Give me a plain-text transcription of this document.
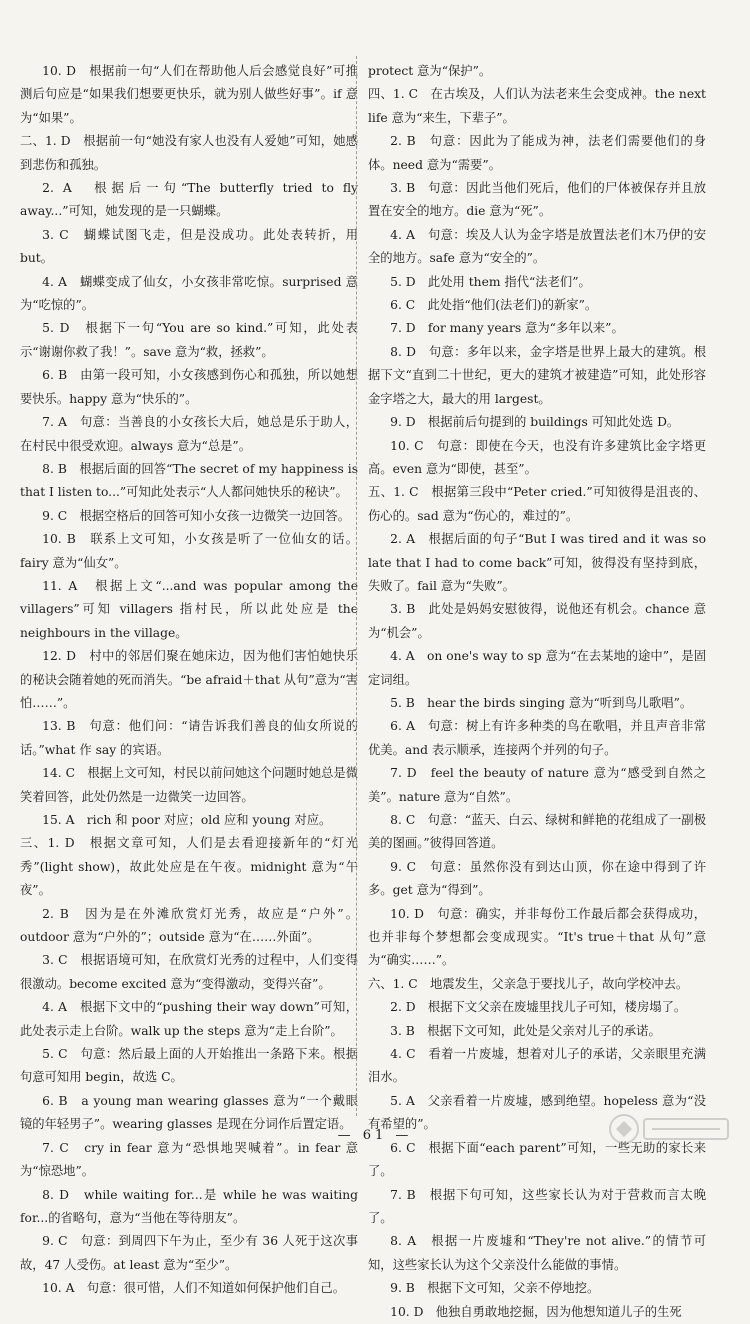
10. D　根据前一句“人们在帮助他人后会感觉良好”可推测后句应是“如果我们想要更快乐，就为别人做些好事”。if 意为“如果”。

二、1. D　根据前一句“她没有家人也没有人爱她”可知，她感到悲伤和孤独。

2. A　根据后一句“The butterfly tried to fly away...”可知，她发现的是一只蝴蝶。

3. C　蝴蝶试图飞走，但是没成功。此处表转折，用 but。

4. A　蝴蝶变成了仙女，小女孩非常吃惊。surprised 意为“吃惊的”。

5. D　根据下一句“You are so kind.”可知，此处表示“谢谢你救了我！”。save 意为“救，拯救”。

6. B　由第一段可知，小女孩感到伤心和孤独，所以她想要快乐。happy 意为“快乐的”。

7. A　句意：当善良的小女孩长大后，她总是乐于助人，在村民中很受欢迎。always 意为“总是”。

8. B　根据后面的回答“The secret of my happiness is that I listen to...”可知此处表示“人人都问她快乐的秘诀”。

9. C　根据空格后的回答可知小女孩一边微笑一边回答。

10. B　联系上文可知，小女孩是听了一位仙女的话。fairy 意为“仙女”。

11. A　根据上文“...and was popular among the villagers”可知 villagers 指村民，所以此处应是 the neighbours in the village。

12. D　村中的邻居们聚在她床边，因为他们害怕她快乐的秘诀会随着她的死而消失。“be afraid＋that 从句”意为“害怕……”。

13. B　句意：他们问：“请告诉我们善良的仙女所说的话。”what 作 say 的宾语。

14. C　根据上文可知，村民以前问她这个问题时她总是微笑着回答，此处仍然是一边微笑一边回答。

15. A　rich 和 poor 对应；old 应和 young 对应。

三、1. D　根据文章可知，人们是去看迎接新年的“灯光秀”(light show)，故此处应是在午夜。midnight 意为“午夜”。

2. B　因为是在外滩欣赏灯光秀，故应是“户外”。outdoor 意为“户外的”；outside 意为“在……外面”。

3. C　根据语境可知，在欣赏灯光秀的过程中，人们变得很激动。become excited 意为“变得激动，变得兴奋”。

4. A　根据下文中的“pushing their way down”可知，此处表示走上台阶。walk up the steps 意为“走上台阶”。

5. C　句意：然后最上面的人开始推出一条路下来。根据句意可知用 begin，故选 C。

6. B　a young man wearing glasses 意为“一个戴眼镜的年轻男子”。wearing glasses 是现在分词作后置定语。

7. C　cry in fear 意为“恐惧地哭喊着”。in fear 意为“惊恐地”。

8. D　while waiting for...是 while he was waiting for...的省略句，意为“当他在等待朋友”。

9. C　句意：到周四下午为止，至少有 36 人死于这次事故，47 人受伤。at least 意为“至少”。

10. A　句意：很可惜，人们不知道如何保护他们自己。

protect 意为“保护”。

四、1. C　在古埃及，人们认为法老来生会变成神。the next life 意为“来生，下辈子”。

2. B　句意：因此为了能成为神，法老们需要他们的身体。need 意为“需要”。

3. B　句意：因此当他们死后，他们的尸体被保存并且放置在安全的地方。die 意为“死”。

4. A　句意：埃及人认为金字塔是放置法老们木乃伊的安全的地方。safe 意为“安全的”。

5. D　此处用 them 指代“法老们”。

6. C　此处指“他们(法老们)的新家”。

7. D　for many years 意为“多年以来”。

8. D　句意：多年以来，金字塔是世界上最大的建筑。根据下文“直到二十世纪，更大的建筑才被建造”可知，此处形容金字塔之大，最大的用 largest。

9. D　根据前后句提到的 buildings 可知此处选 D。

10. C　句意：即使在今天，也没有许多建筑比金字塔更高。even 意为“即使，甚至”。

五、1. C　根据第三段中“Peter cried.”可知彼得是沮丧的、伤心的。sad 意为“伤心的，难过的”。

2. A　根据后面的句子“But I was tired and it was so late that I had to come back”可知，彼得没有坚持到底，失败了。fail 意为“失败”。

3. B　此处是妈妈安慰彼得，说他还有机会。chance 意为“机会”。

4. A　on one's way to sp 意为“在去某地的途中”，是固定词组。

5. B　hear the birds singing 意为“听到鸟儿歌唱”。

6. A　句意：树上有许多种类的鸟在歌唱，并且声音非常优美。and 表示顺承，连接两个并列的句子。

7. D　feel the beauty of nature 意为“感受到自然之美”。nature 意为“自然”。

8. C　句意：“蓝天、白云、绿树和鲜艳的花组成了一副极美的图画。”彼得回答道。

9. C　句意：虽然你没有到达山顶，你在途中得到了许多。get 意为“得到”。

10. D　句意：确实，并非每份工作最后都会获得成功，也并非每个梦想都会变成现实。“It's true＋that 从句”意为“确实……”。

六、1. C　地震发生，父亲急于要找儿子，故向学校冲去。

2. D　根据下文父亲在废墟里找儿子可知，楼房塌了。

3. B　根据下文可知，此处是父亲对儿子的承诺。

4. C　看着一片废墟，想着对儿子的承诺，父亲眼里充满泪水。

5. A　父亲看着一片废墟，感到绝望。hopeless 意为“没有希望的”。

6. C　根据下面“each parent”可知，一些无助的家长来了。

7. B　根据下句可知，这些家长认为对于营救而言太晚了。

8. A　根据一片废墟和“They're not alive.”的情节可知，这些家长认为这个父亲没什么能做的事情。

9. B　根据下文可知，父亲不停地挖。

10. D　他独自勇敢地挖掘，因为他想知道儿子的生死

— 61 —
